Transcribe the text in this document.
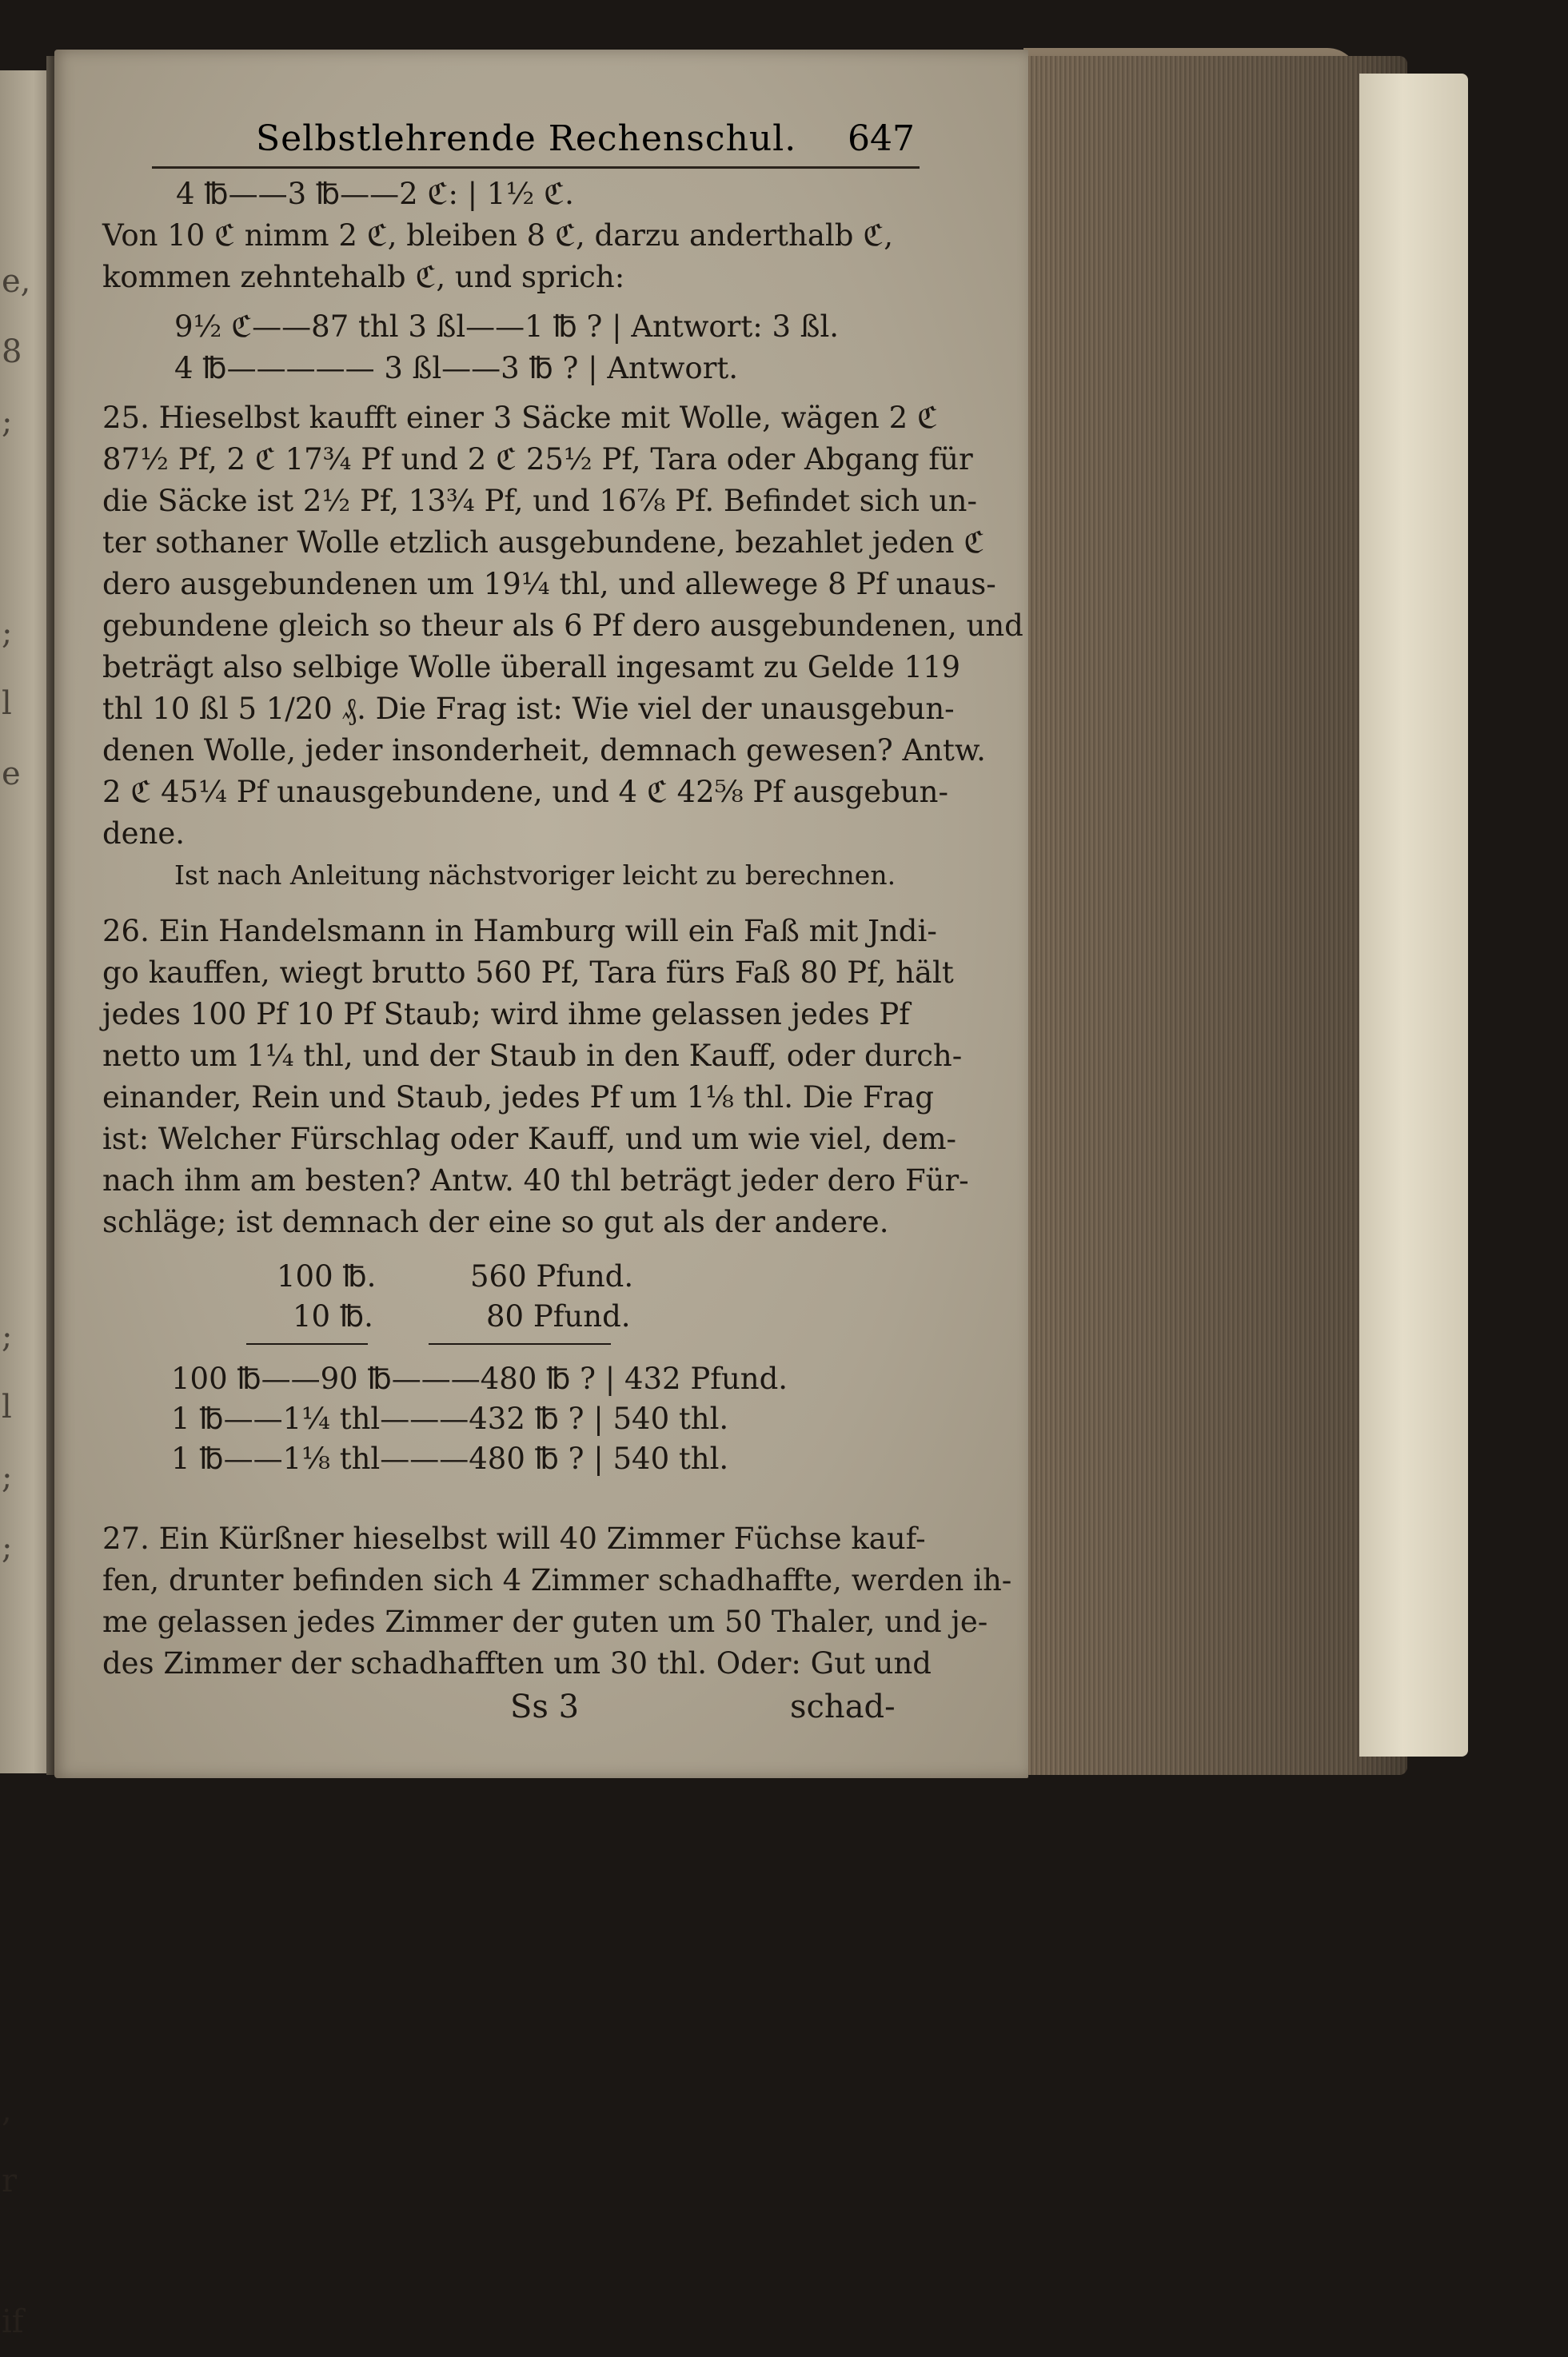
e,
8
;

;
l
e

;
l
;
;

,
r

if
Selbstlehrende Rechenschul. 647
4 ℔——3 ℔——2 ℭ: | 1½ ℭ.
Von 10 ℭ nimm 2 ℭ, bleiben 8 ℭ, darzu anderthalb ℭ,
kommen zehntehalb ℭ, und sprich:
9½ ℭ——87 thl 3 ßl——1 ℔ ? | Antwort: 3 ßl.
4 ℔————— 3 ßl——3 ℔ ? | Antwort.
25. Hieselbst kaufft einer 3 Säcke mit Wolle, wägen 2 ℭ
87½ Pf, 2 ℭ 17¾ Pf und 2 ℭ 25½ Pf, Tara oder Abgang für
die Säcke ist 2½ Pf, 13¾ Pf, und 16⅞ Pf. Befindet sich un-
ter sothaner Wolle etzlich ausgebundene, bezahlet jeden ℭ
dero ausgebundenen um 19¼ thl, und allewege 8 Pf unaus-
gebundene gleich so theur als 6 Pf dero ausgebundenen, und
beträgt also selbige Wolle überall ingesamt zu Gelde 119
thl 10 ßl 5 1/20 ₰. Die Frag ist: Wie viel der unausgebun-
denen Wolle, jeder insonderheit, demnach gewesen? Antw.
2 ℭ 45¼ Pf unausgebundene, und 4 ℭ 42⅝ Pf ausgebun-
dene.
Ist nach Anleitung nächstvoriger leicht zu berechnen.
26. Ein Handelsmann in Hamburg will ein Faß mit Jndi-
go kauffen, wiegt brutto 560 Pf, Tara fürs Faß 80 Pf, hält
jedes 100 Pf 10 Pf Staub; wird ihme gelassen jedes Pf
netto um 1¼ thl, und der Staub in den Kauff, oder durch-
einander, Rein und Staub, jedes Pf um 1⅛ thl. Die Frag
ist: Welcher Fürschlag oder Kauff, und um wie viel, dem-
nach ihm am besten? Antw. 40 thl beträgt jeder dero Für-
schläge; ist demnach der eine so gut als der andere.
100 ℔.          560 Pfund.
10 ℔.            80 Pfund.
100 ℔——90 ℔———480 ℔ ? | 432 Pfund.
1 ℔——1¼ thl———432 ℔ ? | 540 thl.
1 ℔——1⅛ thl———480 ℔ ? | 540 thl.
27. Ein Kürßner hieselbst will 40 Zimmer Füchse kauf-
fen, drunter befinden sich 4 Zimmer schadhaffte, werden ih-
me gelassen jedes Zimmer der guten um 50 Thaler, und je-
des Zimmer der schadhafften um 30 thl. Oder: Gut und
Ss 3	schad-
